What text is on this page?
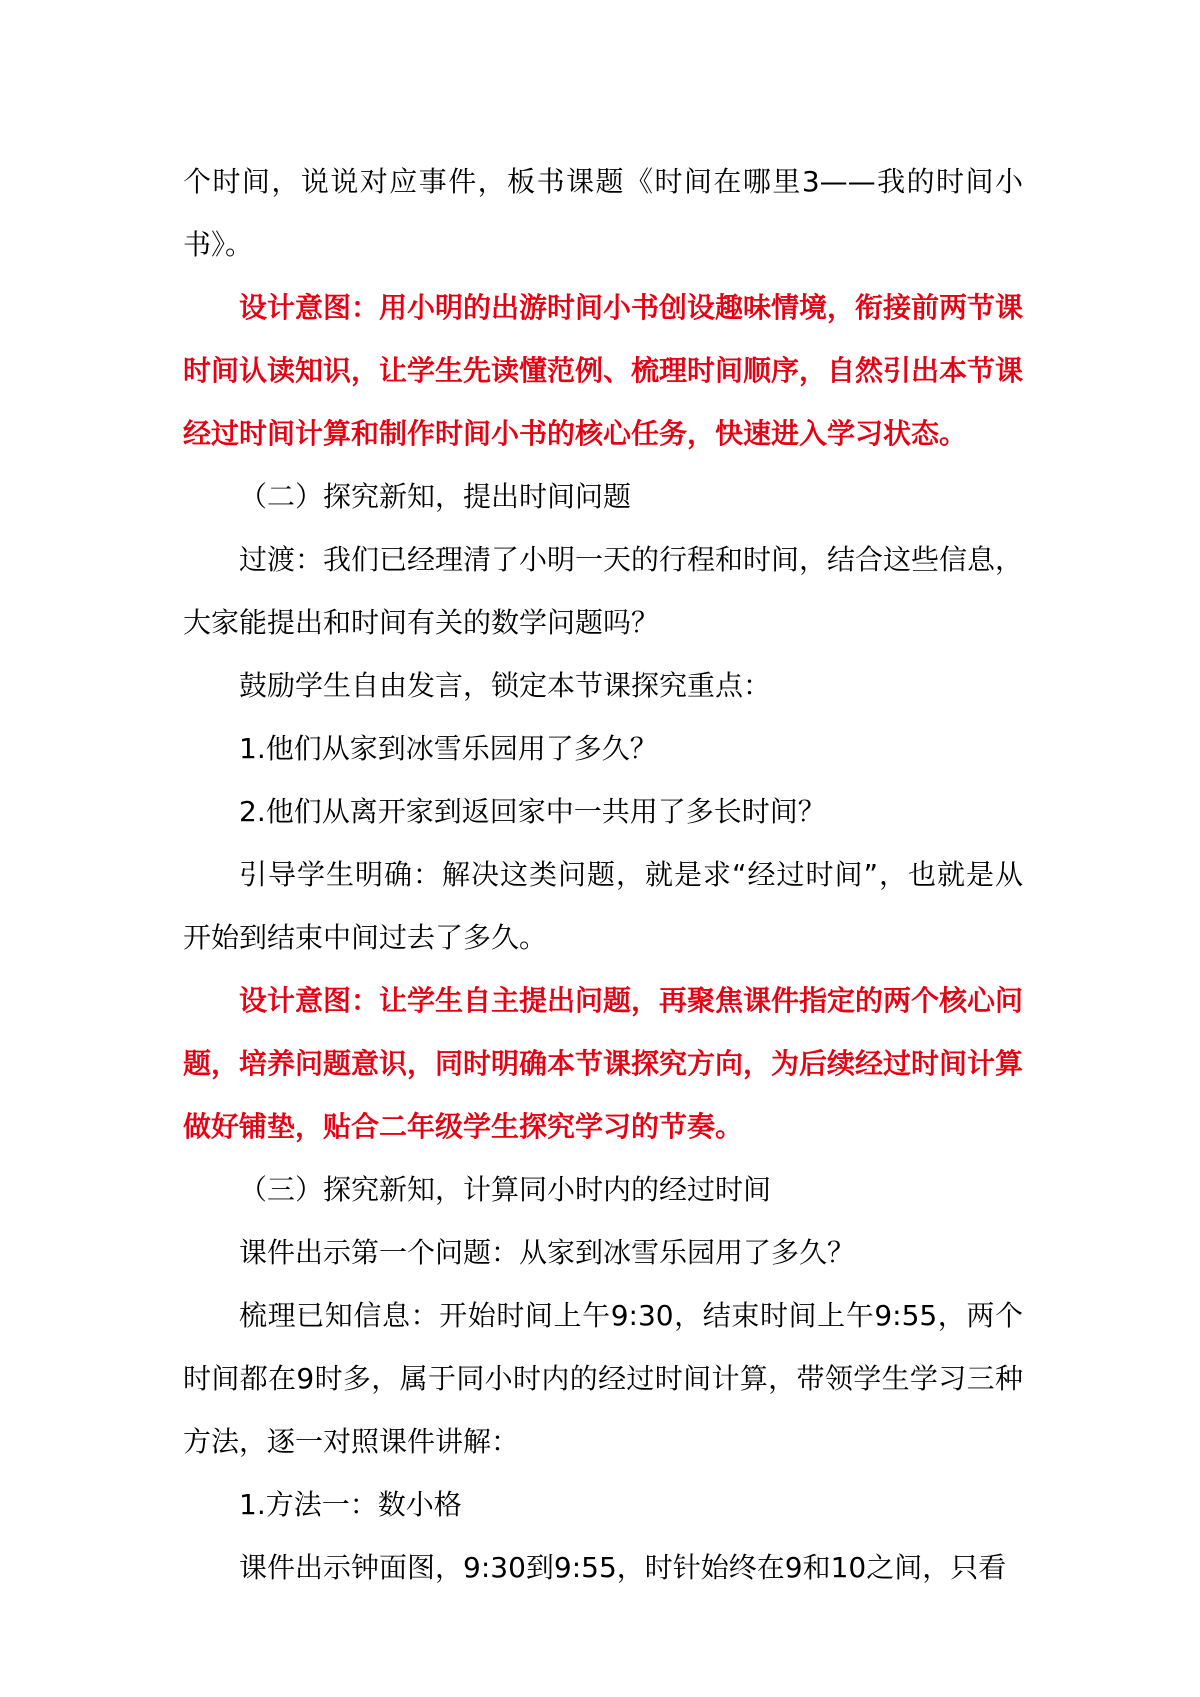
个时间，说说对应事件，板书课题《时间在哪里3——我的时间小书》。

设计意图：用小明的出游时间小书创设趣味情境，衔接前两节课时间认读知识，让学生先读懂范例、梳理时间顺序，自然引出本节课经过时间计算和制作时间小书的核心任务，快速进入学习状态。

（二）探究新知，提出时间问题

过渡：我们已经理清了小明一天的行程和时间，结合这些信息，大家能提出和时间有关的数学问题吗？

鼓励学生自由发言，锁定本节课探究重点：

1.他们从家到冰雪乐园用了多久？

2.他们从离开家到返回家中一共用了多长时间？

引导学生明确：解决这类问题，就是求“经过时间”，也就是从开始到结束中间过去了多久。

设计意图：让学生自主提出问题，再聚焦课件指定的两个核心问题，培养问题意识，同时明确本节课探究方向，为后续经过时间计算做好铺垫，贴合二年级学生探究学习的节奏。

（三）探究新知，计算同小时内的经过时间

课件出示第一个问题：从家到冰雪乐园用了多久？

梳理已知信息：开始时间上午9:30，结束时间上午9:55，两个时间都在9时多，属于同小时内的经过时间计算，带领学生学习三种方法，逐一对照课件讲解：

1.方法一：数小格

课件出示钟面图，9:30到9:55，时针始终在9和10之间，只看
